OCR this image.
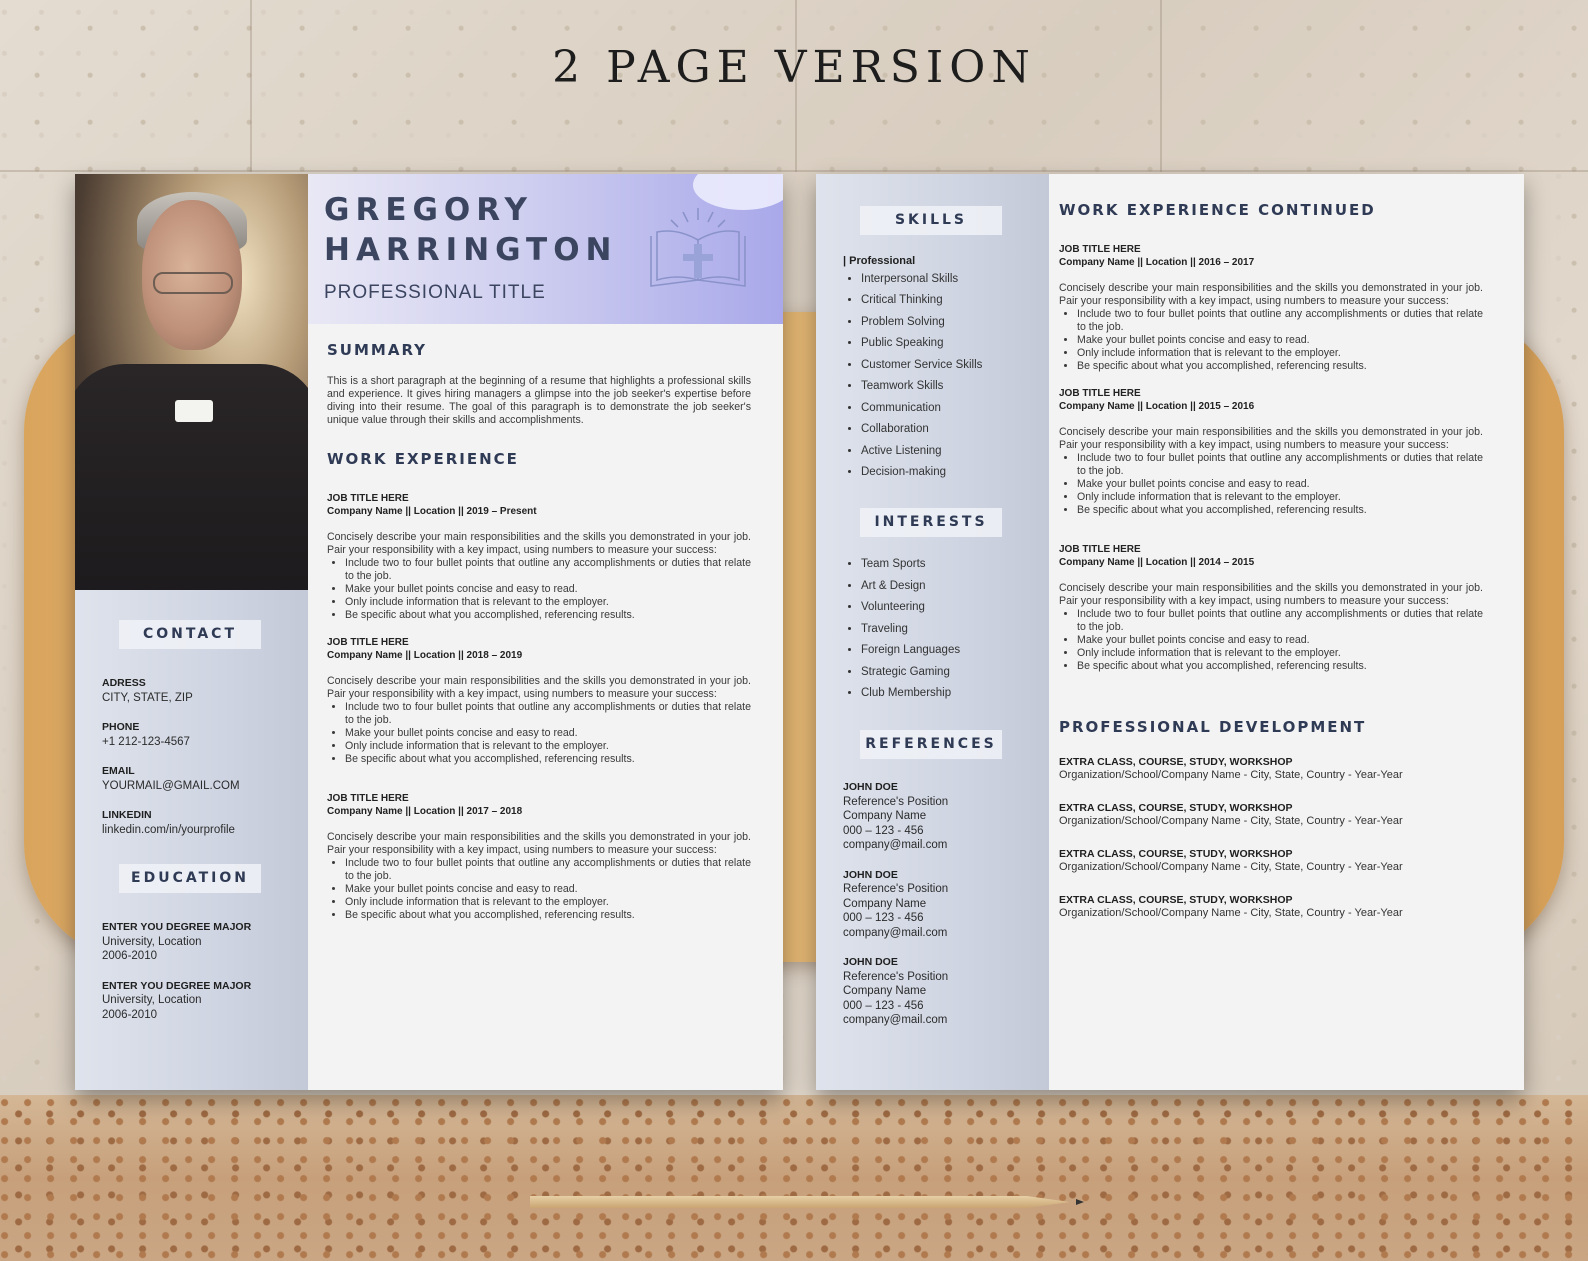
2 PAGE VERSION
GREGORY
HARRINGTON
PROFESSIONAL TITLE
CONTACT
ADRESS
CITY, STATE, ZIP
PHONE
+1 212-123-4567
EMAIL
YOURMAIL@GMAIL.COM
LINKEDIN
linkedin.com/in/yourprofile
EDUCATION
ENTER YOU DEGREE MAJOR
University, Location
2006-2010
ENTER YOU DEGREE MAJOR
University, Location
2006-2010
SUMMARY
This is a short paragraph at the beginning of a resume that highlights a professional skills and experience. It gives hiring managers a glimpse into the job seeker's expertise before diving into their resume. The goal of this paragraph is to demonstrate the job seeker's unique value through their skills and accomplishments.
WORK EXPERIENCE
JOB TITLE HERE
Company Name || Location || 2019 – Present
Concisely describe your main responsibilities and the skills you demonstrated in your job. Pair your responsibility with a key impact, using numbers to measure your success:
• Include two to four bullet points that outline any accomplishments or duties that relate to the job.
• Make your bullet points concise and easy to read.
• Only include information that is relevant to the employer.
• Be specific about what you accomplished, referencing results.
JOB TITLE HERE
Company Name || Location || 2018 – 2019
Concisely describe your main responsibilities and the skills you demonstrated in your job. Pair your responsibility with a key impact, using numbers to measure your success:
• Include two to four bullet points that outline any accomplishments or duties that relate to the job.
• Make your bullet points concise and easy to read.
• Only include information that is relevant to the employer.
• Be specific about what you accomplished, referencing results.
JOB TITLE HERE
Company Name || Location || 2017 – 2018
Concisely describe your main responsibilities and the skills you demonstrated in your job. Pair your responsibility with a key impact, using numbers to measure your success:
• Include two to four bullet points that outline any accomplishments or duties that relate to the job.
• Make your bullet points concise and easy to read.
• Only include information that is relevant to the employer.
• Be specific about what you accomplished, referencing results.
SKILLS
| Professional
• Interpersonal Skills
• Critical Thinking
• Problem Solving
• Public Speaking
• Customer Service Skills
• Teamwork Skills
• Communication
• Collaboration
• Active Listening
• Decision-making
INTERESTS
• Team Sports
• Art & Design
• Volunteering
• Traveling
• Foreign Languages
• Strategic Gaming
• Club Membership
REFERENCES
JOHN DOE
Reference's Position
Company Name
000 – 123 - 456
company@mail.com
JOHN DOE
Reference's Position
Company Name
000 – 123 - 456
company@mail.com
JOHN DOE
Reference's Position
Company Name
000 – 123 - 456
company@mail.com
WORK EXPERIENCE CONTINUED
JOB TITLE HERE
Company Name || Location || 2016 – 2017
Concisely describe your main responsibilities and the skills you demonstrated in your job. Pair your responsibility with a key impact, using numbers to measure your success:
• Include two to four bullet points that outline any accomplishments or duties that relate to the job.
• Make your bullet points concise and easy to read.
• Only include information that is relevant to the employer.
• Be specific about what you accomplished, referencing results.
JOB TITLE HERE
Company Name || Location || 2015 – 2016
Concisely describe your main responsibilities and the skills you demonstrated in your job. Pair your responsibility with a key impact, using numbers to measure your success:
• Include two to four bullet points that outline any accomplishments or duties that relate to the job.
• Make your bullet points concise and easy to read.
• Only include information that is relevant to the employer.
• Be specific about what you accomplished, referencing results.
JOB TITLE HERE
Company Name || Location || 2014 – 2015
Concisely describe your main responsibilities and the skills you demonstrated in your job. Pair your responsibility with a key impact, using numbers to measure your success:
• Include two to four bullet points that outline any accomplishments or duties that relate to the job.
• Make your bullet points concise and easy to read.
• Only include information that is relevant to the employer.
• Be specific about what you accomplished, referencing results.
PROFESSIONAL DEVELOPMENT
EXTRA CLASS, COURSE, STUDY, WORKSHOP
Organization/School/Company Name - City, State, Country - Year-Year
EXTRA CLASS, COURSE, STUDY, WORKSHOP
Organization/School/Company Name - City, State, Country - Year-Year
EXTRA CLASS, COURSE, STUDY, WORKSHOP
Organization/School/Company Name - City, State, Country - Year-Year
EXTRA CLASS, COURSE, STUDY, WORKSHOP
Organization/School/Company Name - City, State, Country - Year-Year
